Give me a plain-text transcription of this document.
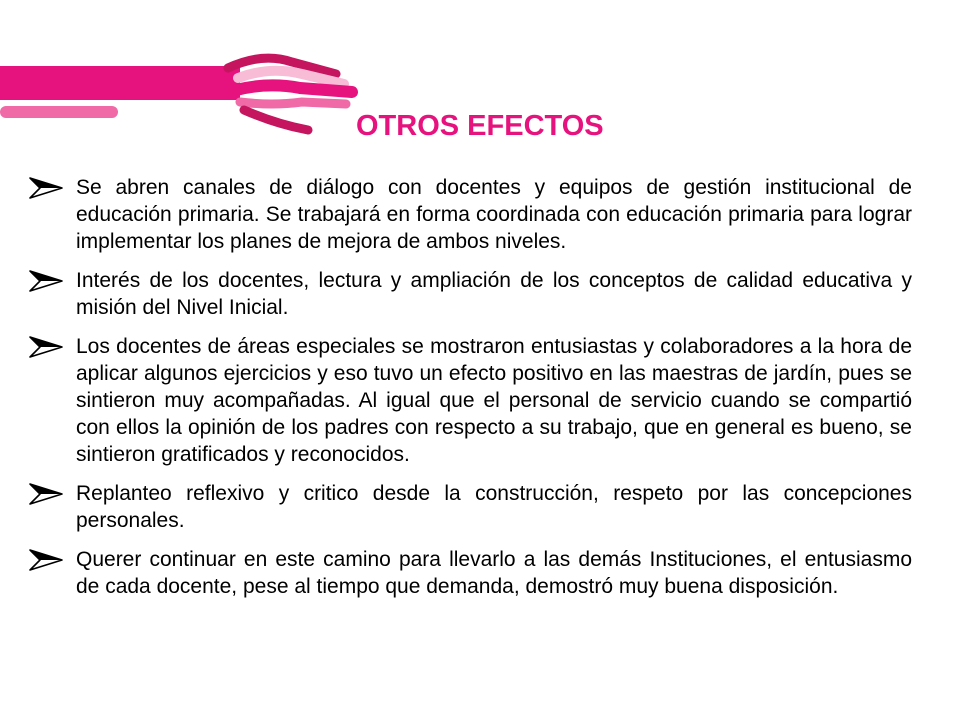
OTROS EFECTOS
Se abren canales de diálogo con docentes y equipos de gestión institucional de educación primaria. Se trabajará en forma coordinada con educación primaria para lograr implementar los planes de mejora de ambos niveles.
Interés de los docentes, lectura y ampliación de los conceptos de calidad educativa y misión del Nivel Inicial.
Los docentes de áreas especiales se mostraron entusiastas y colaboradores a la hora de aplicar algunos ejercicios y eso tuvo un efecto positivo en las maestras de jardín, pues se sintieron muy acompañadas. Al igual que el personal de servicio cuando se compartió con ellos la opinión de los padres con respecto a su trabajo, que en general es bueno, se sintieron gratificados y reconocidos.
Replanteo reflexivo y critico desde la construcción, respeto por las concepciones personales.
Querer continuar en este camino para llevarlo a las demás Instituciones, el entusiasmo de cada docente, pese al tiempo que demanda, demostró muy buena disposición.
